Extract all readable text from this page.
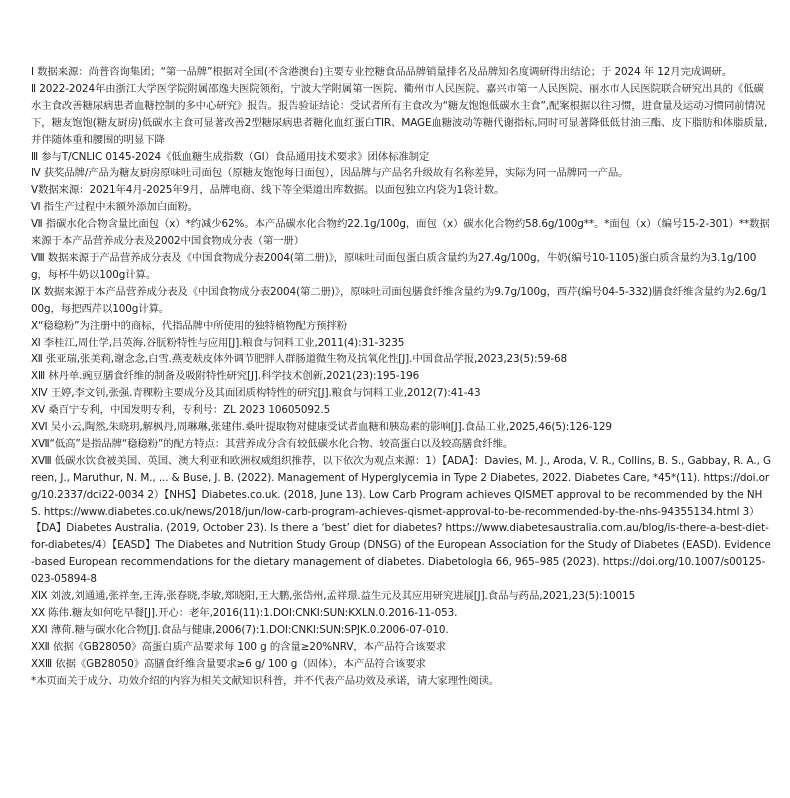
Ⅰ 数据来源：尚普咨询集团；“第一品牌”根据对全国(不含港澳台)主要专业控糖食品品牌销量排名及品牌知名度调研得出结论；于 2024 年 12月完成调研。

Ⅱ 2022-2024年由浙江大学医学院附属邵逸夫医院领衔，宁波大学附属第一医院、衢州市人民医院、嘉兴市第一人民医院、丽水市人民医院联合研究出具的《低碳水主食改善糖尿病患者血糖控制的多中心研究》报告。报告验证结论：受试者所有主食改为“糖友饱饱低碳水主食”,配案根据以往习惯，进食量及运动习惯同前情况下，糖友饱饱(糖友厨房)低碳水主食可显著改善2型糖尿病患者糖化血红蛋白TIR、MAGE血糖波动等糖代谢指标,同时可显著降低低甘油三酯、皮下脂肪和体脂质量,并伴随体重和腰围的明显下降

Ⅲ 参与T/CNLIC 0145-2024《低血糖生成指数（GI）食品通用技术要求》团体标准制定

Ⅳ 获奖品牌/产品为糖友厨房原味吐司面包（原糖友饱饱每日面包），因品牌与产品名升级故有名称差异，实际为同一品牌同一产品。

Ⅴ数据来源：2021年4月-2025年9月，品牌电商、线下等全渠道出库数据。以面包独立内袋为1袋计数。

Ⅵ 指生产过程中未额外添加白面粉。

Ⅶ 指碳水化合物含量比面包（x）*约减少62%。本产品碳水化合物约22.1g/100g，面包（x）碳水化合物约58.6g/100g**。*面包（x）（编号15-2-301）**数据来源于本产品营养成分表及2002中国食物成分表（第一册）

Ⅷ 数据来源于产品营养成分表及《中国食物成分表2004(第二册)》，原味吐司面包蛋白质含量约为27.4g/100g，牛奶(编号10-1105)蛋白质含量约为3.1g/100g，每杯牛奶以100g计算。

Ⅸ 数据来源于本产品营养成分表及《中国食物成分表2004(第二册)》，原味吐司面包膳食纤维含量约为9.7g/100g，西芹(编号04-5-332)膳食纤维含量约为2.6g/100g，每把西芹以100g计算。

Ⅹ“稳稳粉”为注册中的商标，代指品牌中所使用的独特植物配方预拌粉

Ⅺ 李桂江,周仕学,吕英海.谷朊粉特性与应用[J].粮食与饲料工业,2011(4):31-3235

Ⅻ 张亚瑞,张美莉,谢念念,白雪.燕麦麸皮体外调节肥胖人群肠道微生物及抗氧化性[J].中国食品学报,2023,23(5):59-68

ⅩⅢ 林丹单.豌豆膳食纤维的制备及吸附特性研究[J].科学技术创新,2021(23):195-196

ⅩⅣ 王婷,李文钊,张强.青稞粉主要成分及其面团质构特性的研究[J].粮食与饲料工业,2012(7):41-43

ⅩⅤ 桑百宁专利，中国发明专利，专利号：ZL 2023 10605092.5

ⅩⅥ 吴小云,陶然,朱晓玥,解枫丹,周琳琳,张建伟.桑叶提取物对健康受试者血糖和胰岛素的影响[J].食品工业,2025,46(5):126-129

ⅩⅦ“低高”是指品牌“稳稳粉”的配方特点：其营养成分含有较低碳水化合物、较高蛋白以及较高膳食纤维。

ⅩⅧ 低碳水饮食被美国、英国、澳大利亚和欧洲权威组织推荐，以下依次为观点来源：1）【ADA】：Davies, M. J., Aroda, V. R., Collins, B. S., Gabbay, R. A., Green, J., Maruthur, N. M., ... & Buse, J. B. (2022). Management of Hyperglycemia in Type 2 Diabetes, 2022. Diabetes Care, *45*(11). https://doi.org/10.2337/dci22-0034 2）【NHS】Diabetes.co.uk. (2018, June 13). Low Carb Program achieves QISMET approval to be recommended by the NHS. https://www.diabetes.co.uk/news/2018/jun/low-carb-program-achieves-qismet-approval-to-be-recommended-by-the-nhs-94355134.html 3）【DA】Diabetes Australia. (2019, October 23). Is there a ‘best’ diet for diabetes? https://www.diabetesaustralia.com.au/blog/is-there-a-best-diet-for-diabetes/4）【EASD】The Diabetes and Nutrition Study Group (DNSG) of the European Association for the Study of Diabetes (EASD). Evidence-based European recommendations for the dietary management of diabetes. Diabetologia 66, 965–985 (2023). https://doi.org/10.1007/s00125-023-05894-8

ⅩⅨ 刘波,刘通通,张祥奎,王涛,张春晓,李敏,郑晓阳,王大鹏,张岱州,孟祥璟.益生元及其应用研究进展[J].食品与药品,2021,23(5):10015

ⅩⅩ 陈伟.糖友如何吃早餐[J].开心：老年,2016(11):1.DOI:CNKI:SUN:KXLN.0.2016-11-053.

ⅩⅪ 薄荷.糖与碳水化合物[J].食品与健康,2006(7):1.DOI:CNKI:SUN:SPJK.0.2006-07-010.

ⅩⅫ 依据《GB28050》高蛋白质产品要求每 100 g 的含量≥20%NRV，本产品符合该要求

ⅩⅩⅢ 依据《GB28050》高膳食纤维含量要求≥6 g/ 100 g（固体），本产品符合该要求

*本页面关于成分、功效介绍的内容为相关文献知识科普，并不代表产品功效及承诺，请大家理性阅读。
